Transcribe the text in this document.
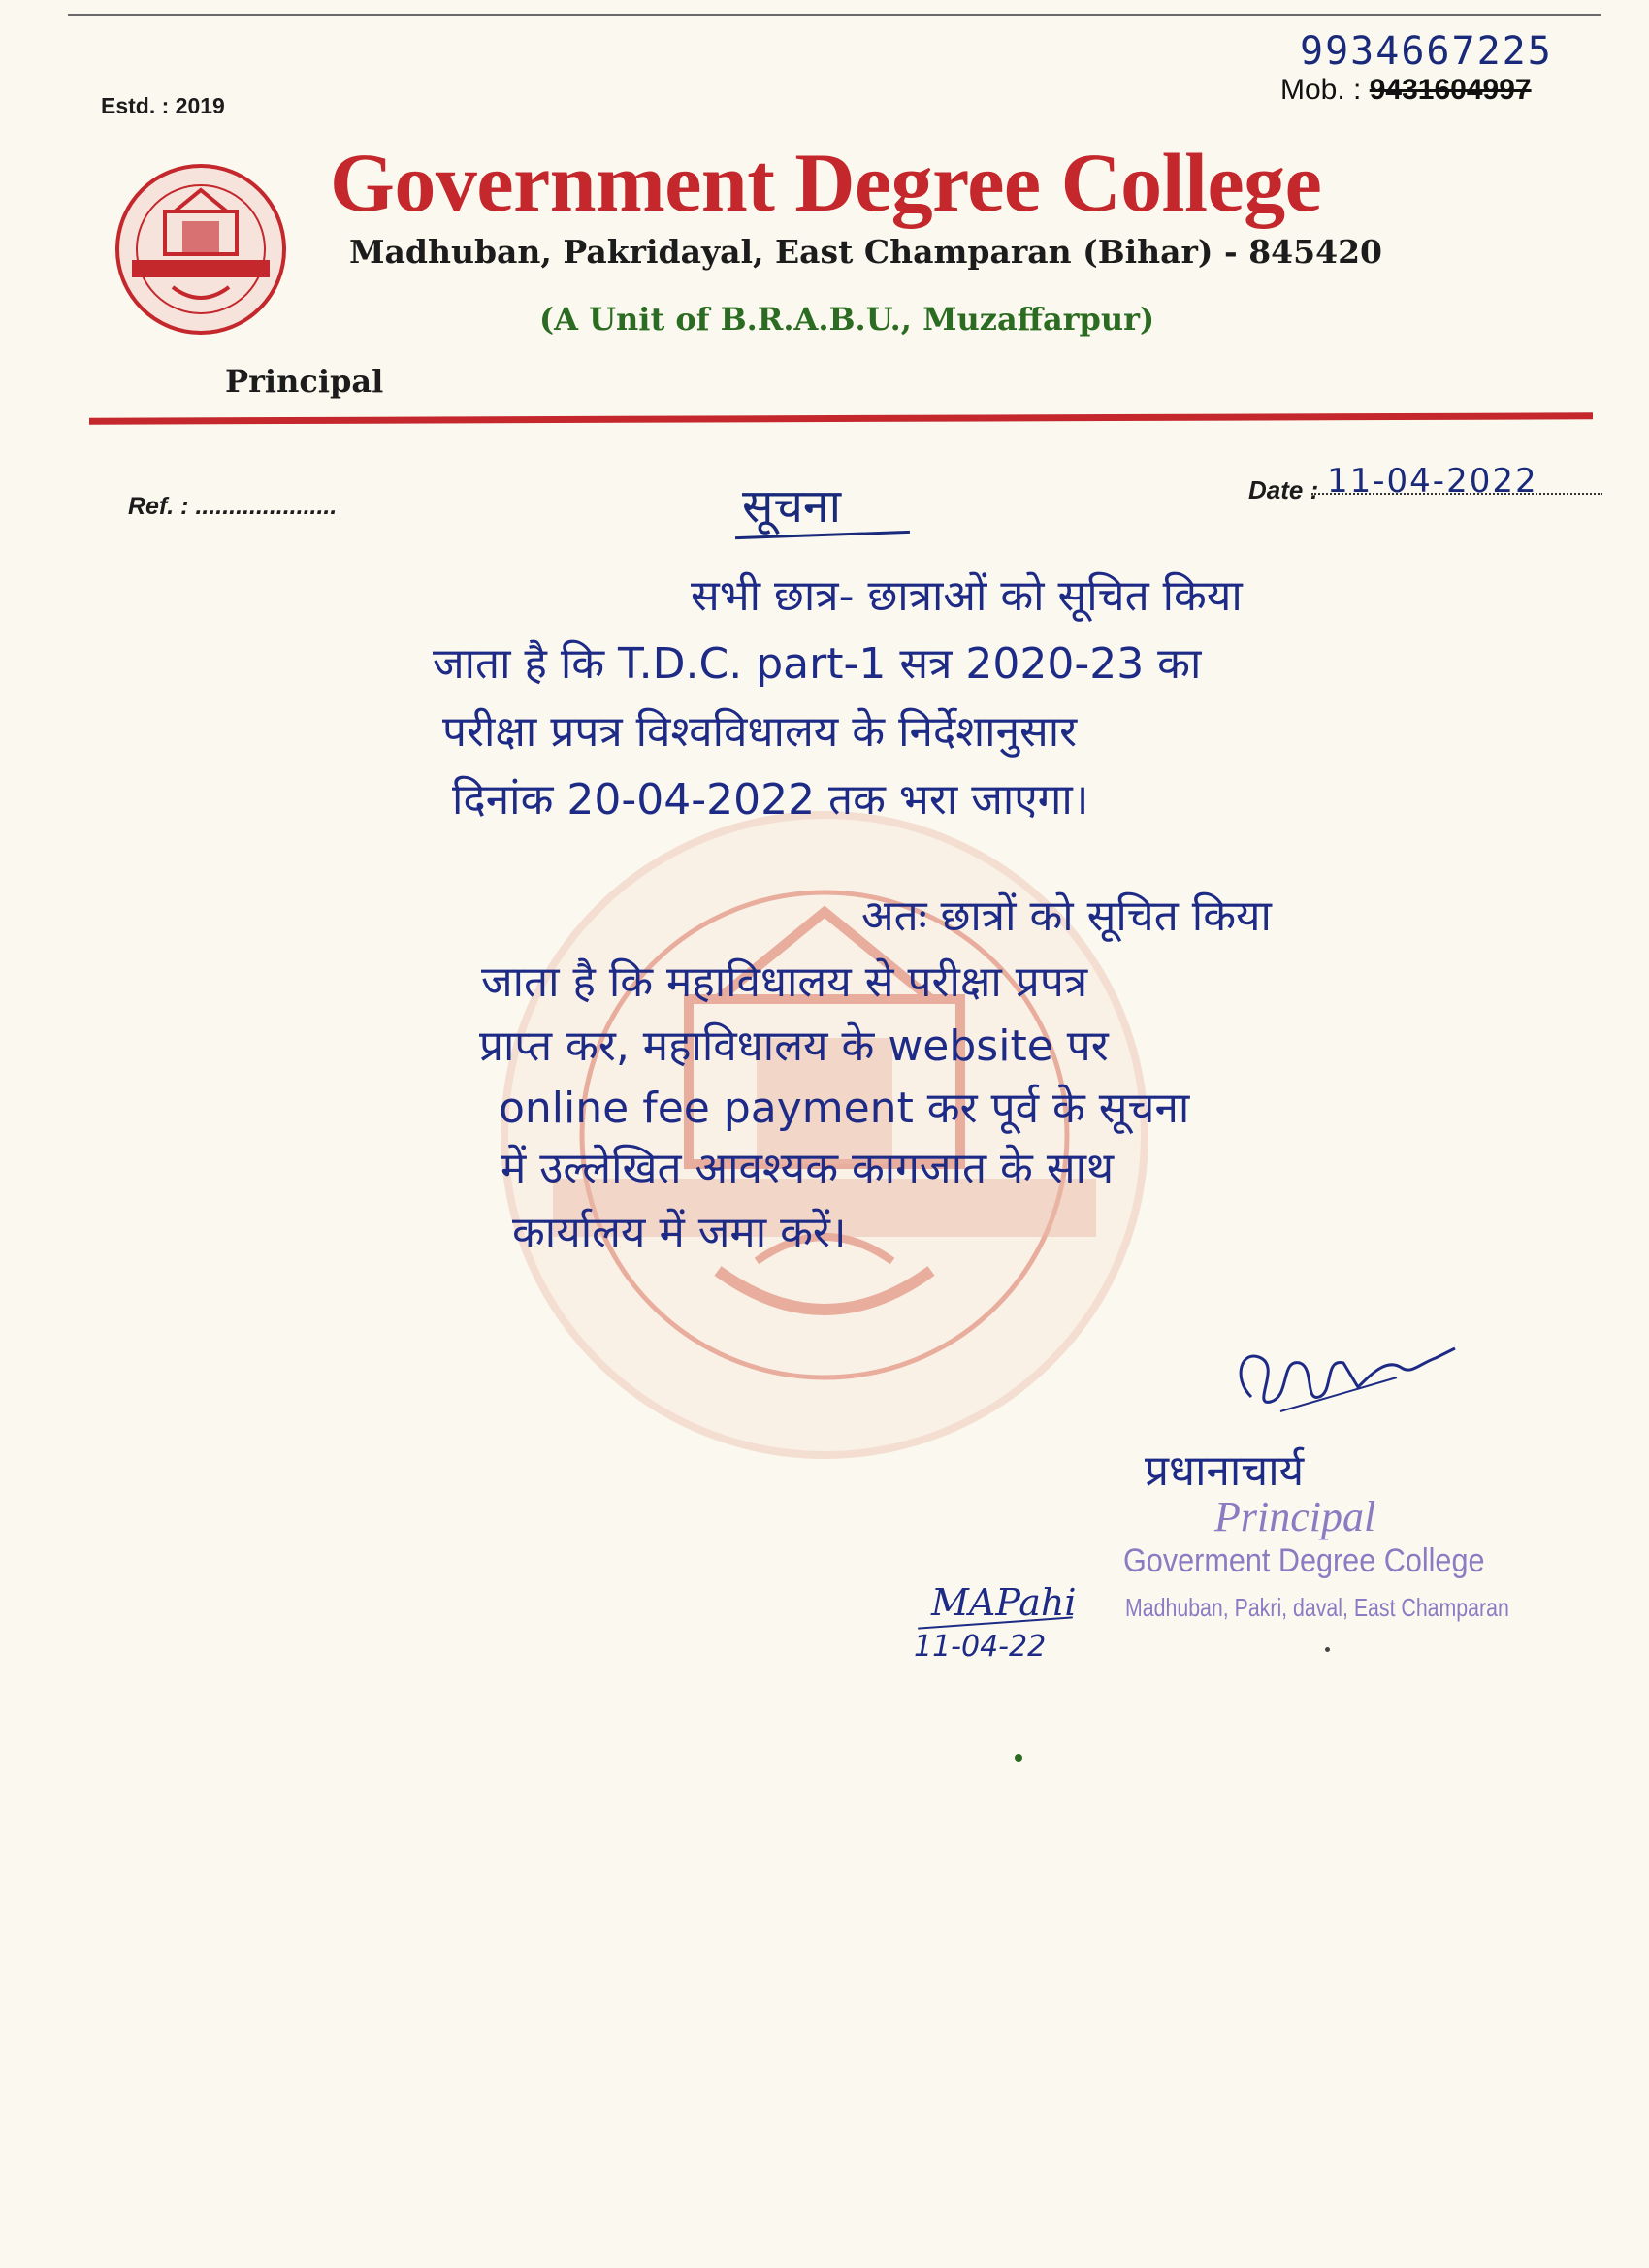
Estd. : 2019
9934667225
Mob. : 9431604997
Government Degree College
Madhuban, Pakridayal, East Champaran (Bihar) - 845420
(A Unit of B.R.A.B.U., Muzaffarpur)
Principal
Ref. : .....................
Date : 11-04-2022
सूचना
सभी छात्र- छात्राओं को सूचित किया
जाता है कि T.D.C. part-1 सत्र 2020-23 का
परीक्षा प्रपत्र विश्वविधालय के निर्देशानुसार
दिनांक 20-04-2022 तक भरा जाएगा।
अतः छात्रों को सूचित किया
जाता है कि महाविधालय से परीक्षा प्रपत्र
प्राप्त कर, महाविधालय के website पर
online fee payment कर पूर्व के सूचना
में उल्लेखित आवश्यक कागजात के साथ
कार्यालय में जमा करें।
प्रधानाचार्य
Principal
Goverment Degree College
Madhuban, Pakri, daval, East Champaran
MAPahi
11-04-22
